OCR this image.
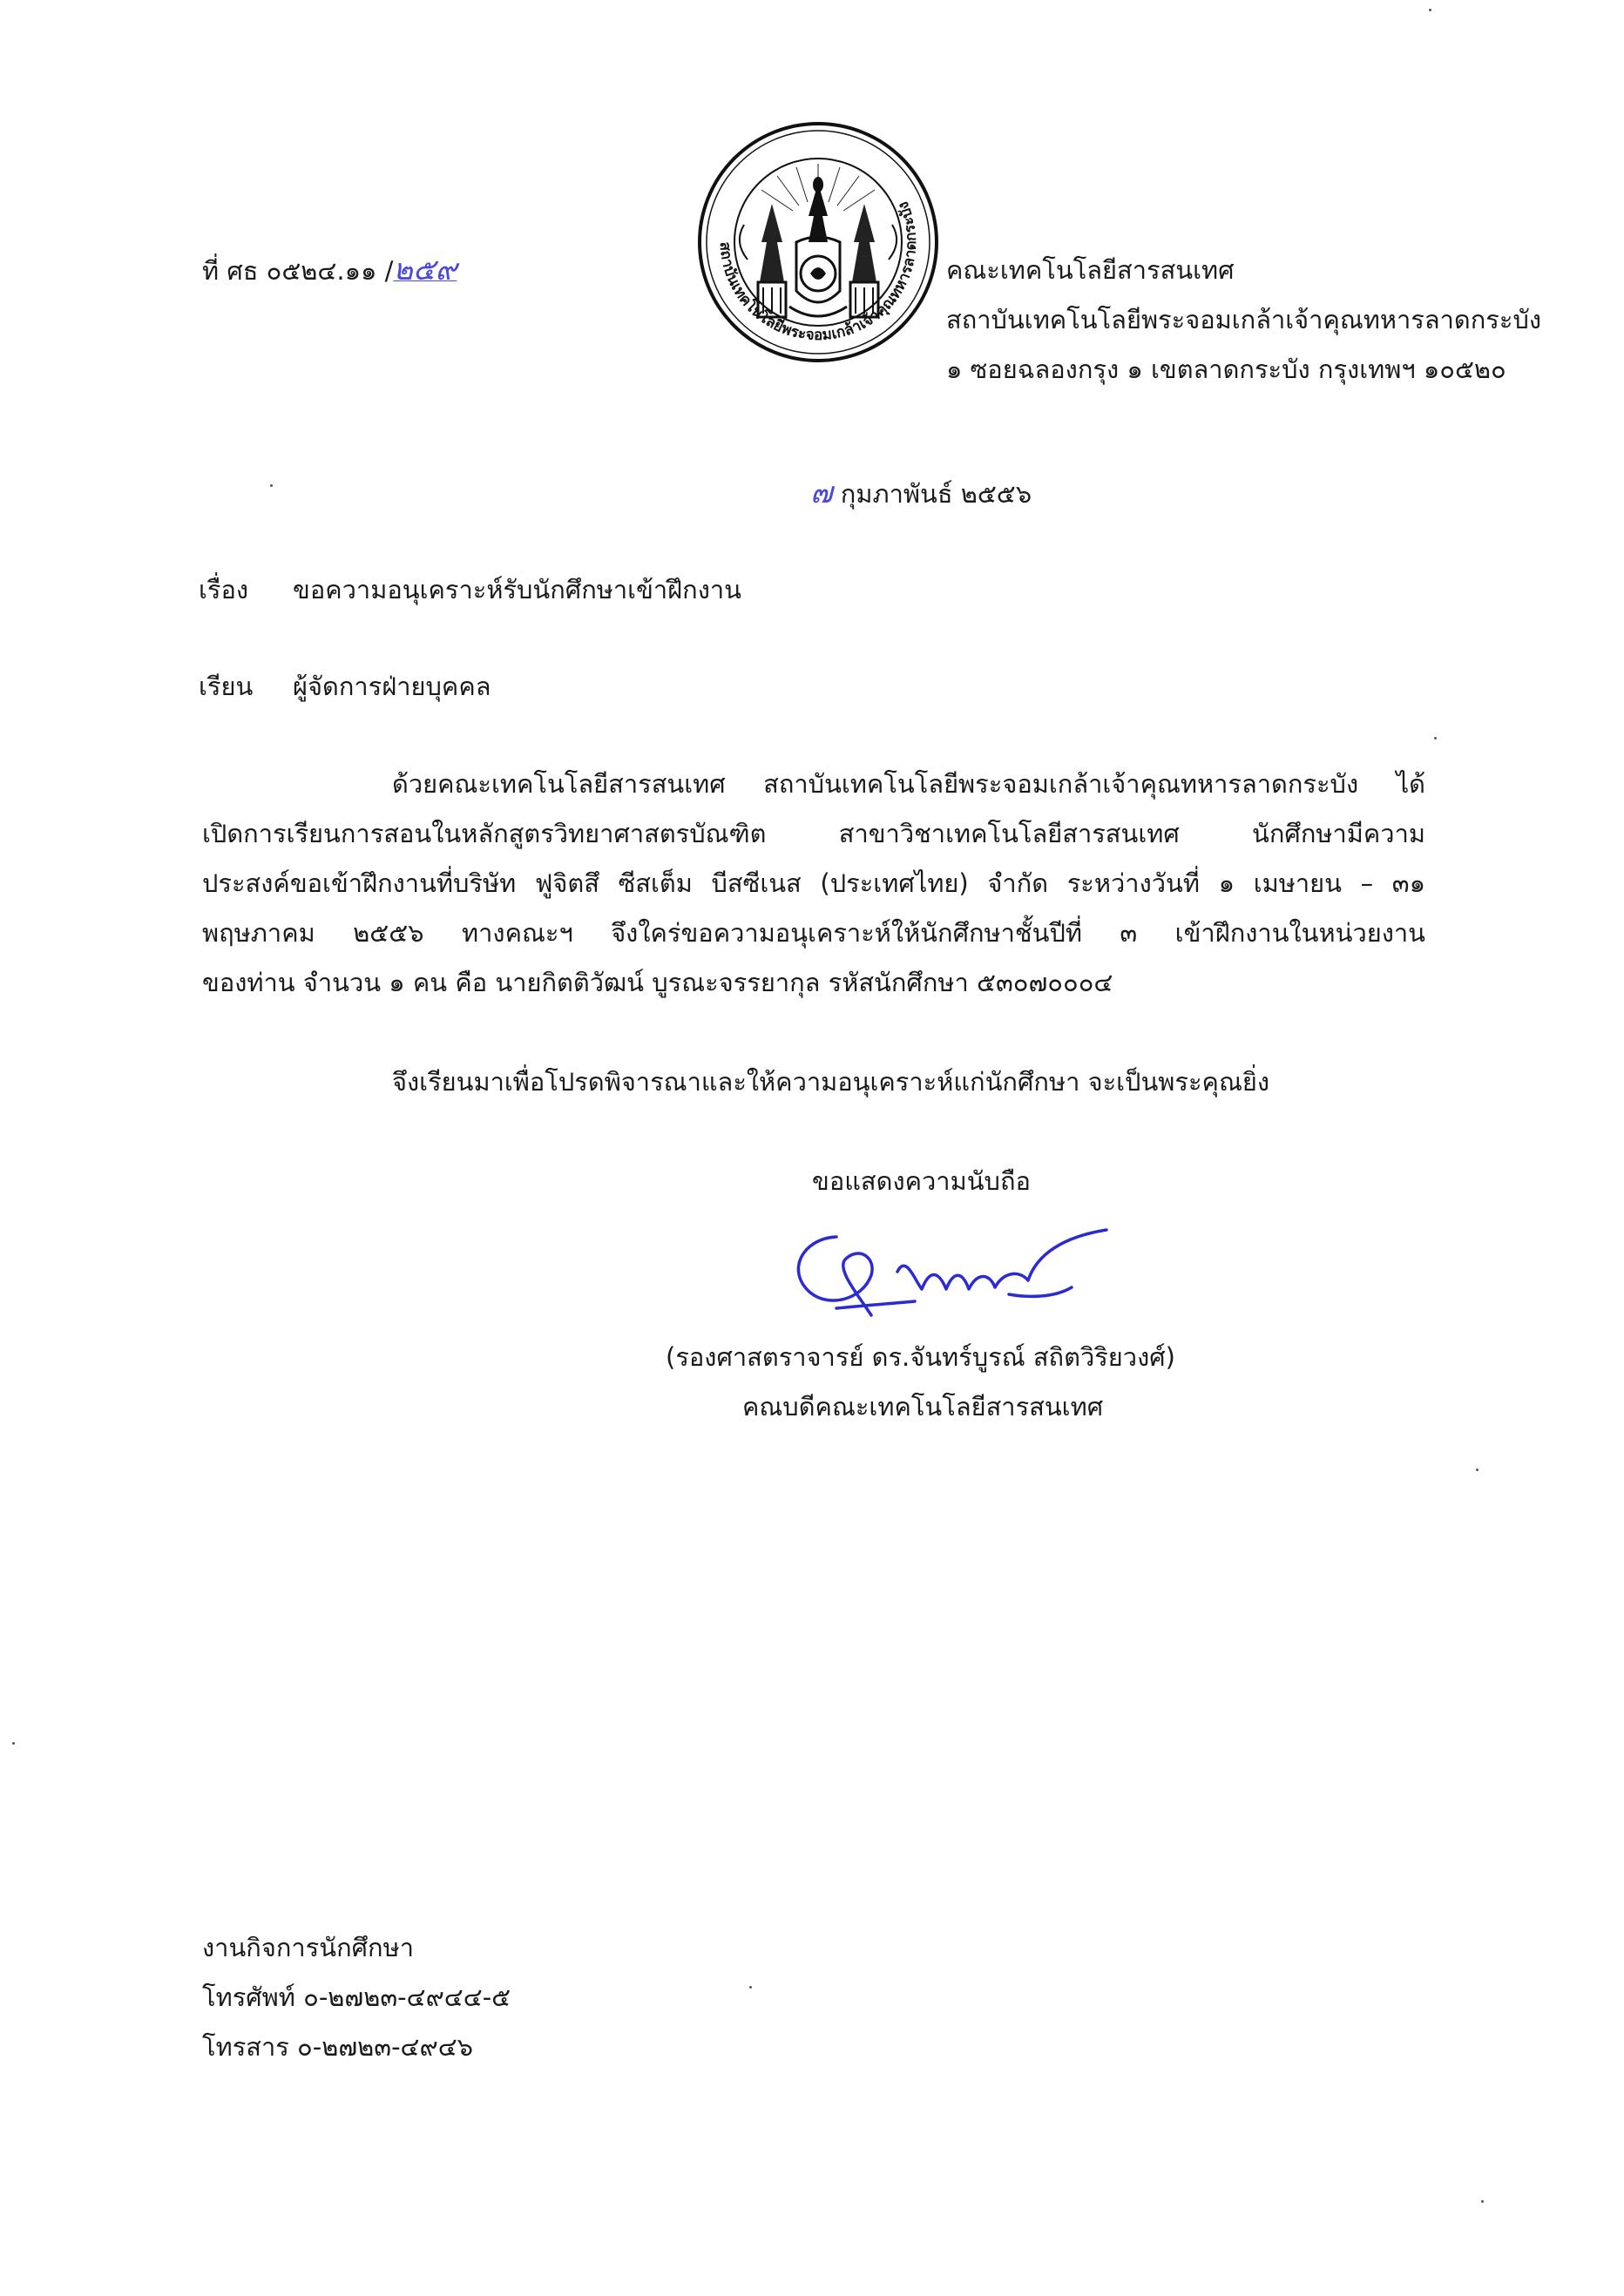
ที่ ศธ ๐๕๒๔.๑๑ /๒๕๙
สถาบันเทคโนโลยีพระจอมเกล้าเจ้าคุณทหารลาดกระบัง
คณะเทคโนโลยีสารสนเทศ
สถาบันเทคโนโลยีพระจอมเกล้าเจ้าคุณทหารลาดกระบัง
๑ ซอยฉลองกรุง ๑ เขตลาดกระบัง กรุงเทพฯ ๑๐๕๒๐
๗ กุมภาพันธ์ ๒๕๕๖
เรื่อง ขอความอนุเคราะห์รับนักศึกษาเข้าฝึกงาน
เรียน ผู้จัดการฝ่ายบุคคล
ด้วยคณะเทคโนโลยีสารสนเทศ สถาบันเทคโนโลยีพระจอมเกล้าเจ้าคุณทหารลาดกระบัง ได้
เปิดการเรียนการสอนในหลักสูตรวิทยาศาสตรบัณฑิต สาขาวิชาเทคโนโลยีสารสนเทศ นักศึกษามีความ
ประสงค์ขอเข้าฝึกงานที่บริษัท ฟูจิตสึ ซีสเต็ม บีสซีเนส (ประเทศไทย) จำกัด ระหว่างวันที่ ๑ เมษายน – ๓๑
พฤษภาคม ๒๕๕๖ ทางคณะฯ จึงใคร่ขอความอนุเคราะห์ให้นักศึกษาชั้นปีที่ ๓ เข้าฝึกงานในหน่วยงาน
ของท่าน จำนวน ๑ คน คือ นายกิตติวัฒน์ บูรณะจรรยากุล รหัสนักศึกษา ๕๓๐๗๐๐๐๔
จึงเรียนมาเพื่อโปรดพิจารณาและให้ความอนุเคราะห์แก่นักศึกษา จะเป็นพระคุณยิ่ง
ขอแสดงความนับถือ
(รองศาสตราจารย์ ดร.จันทร์บูรณ์ สถิตวิริยวงศ์)
คณบดีคณะเทคโนโลยีสารสนเทศ
งานกิจการนักศึกษา
โทรศัพท์ ๐-๒๗๒๓-๔๙๔๔-๕
โทรสาร ๐-๒๗๒๓-๔๙๔๖
